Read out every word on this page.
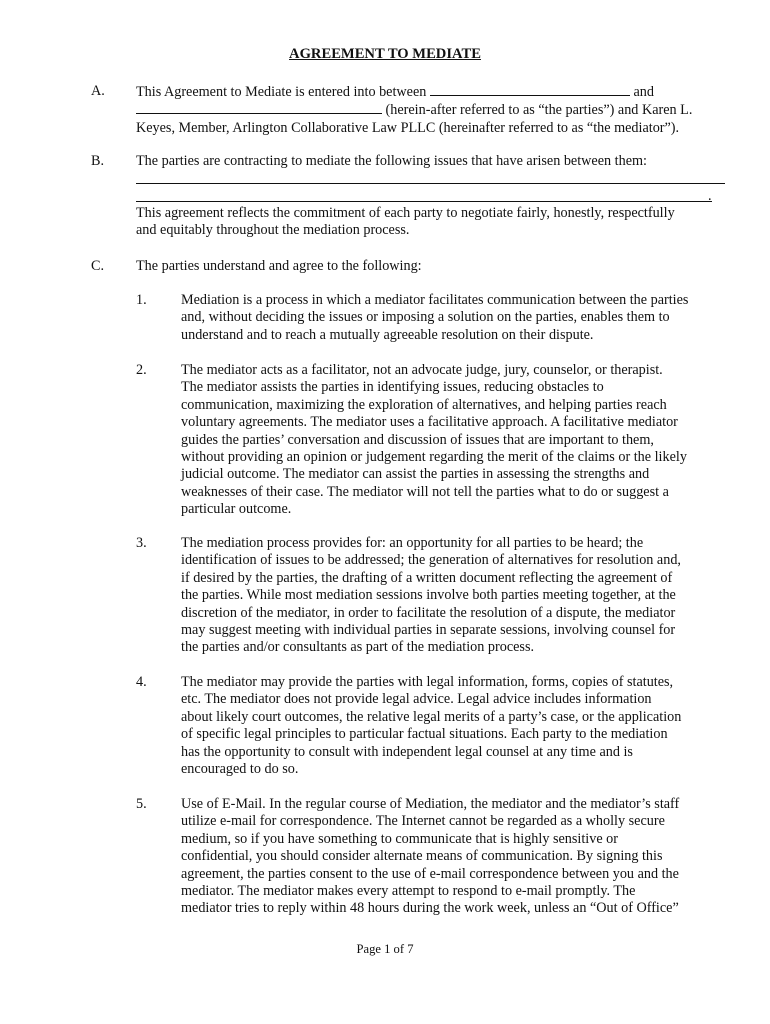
AGREEMENT TO MEDIATE
A. This Agreement to Mediate is entered into between	and
(herein-after referred to as “the parties”) and Karen L.
Keyes, Member, Arlington Collaborative Law PLLC (hereinafter referred to as “the mediator”).
B. The parties are contracting to mediate the following issues that have arisen between them:
.
This agreement reflects the commitment of each party to negotiate fairly, honestly, respectfully
and equitably throughout the mediation process.
C. The parties understand and agree to the following:
1. Mediation is a process in which a mediator facilitates communication between the parties
and, without deciding the issues or imposing a solution on the parties, enables them to
understand and to reach a mutually agreeable resolution on their dispute.
2. The mediator acts as a facilitator, not an advocate judge, jury, counselor, or therapist.
The mediator assists the parties in identifying issues, reducing obstacles to
communication, maximizing the exploration of alternatives, and helping parties reach
voluntary agreements. The mediator uses a facilitative approach. A facilitative mediator
guides the parties’ conversation and discussion of issues that are important to them,
without providing an opinion or judgement regarding the merit of the claims or the likely
judicial outcome. The mediator can assist the parties in assessing the strengths and
weaknesses of their case. The mediator will not tell the parties what to do or suggest a
particular outcome.
3. The mediation process provides for: an opportunity for all parties to be heard; the
identification of issues to be addressed; the generation of alternatives for resolution and,
if desired by the parties, the drafting of a written document reflecting the agreement of
the parties. While most mediation sessions involve both parties meeting together, at the
discretion of the mediator, in order to facilitate the resolution of a dispute, the mediator
may suggest meeting with individual parties in separate sessions, involving counsel for
the parties and/or consultants as part of the mediation process.
4. The mediator may provide the parties with legal information, forms, copies of statutes,
etc. The mediator does not provide legal advice. Legal advice includes information
about likely court outcomes, the relative legal merits of a party’s case, or the application
of specific legal principles to particular factual situations. Each party to the mediation
has the opportunity to consult with independent legal counsel at any time and is
encouraged to do so.
5. Use of E-Mail. In the regular course of Mediation, the mediator and the mediator’s staff
utilize e-mail for correspondence. The Internet cannot be regarded as a wholly secure
medium, so if you have something to communicate that is highly sensitive or
confidential, you should consider alternate means of communication. By signing this
agreement, the parties consent to the use of e-mail correspondence between you and the
mediator. The mediator makes every attempt to respond to e-mail promptly. The
mediator tries to reply within 48 hours during the work week, unless an “Out of Office”
Page 1 of 7
